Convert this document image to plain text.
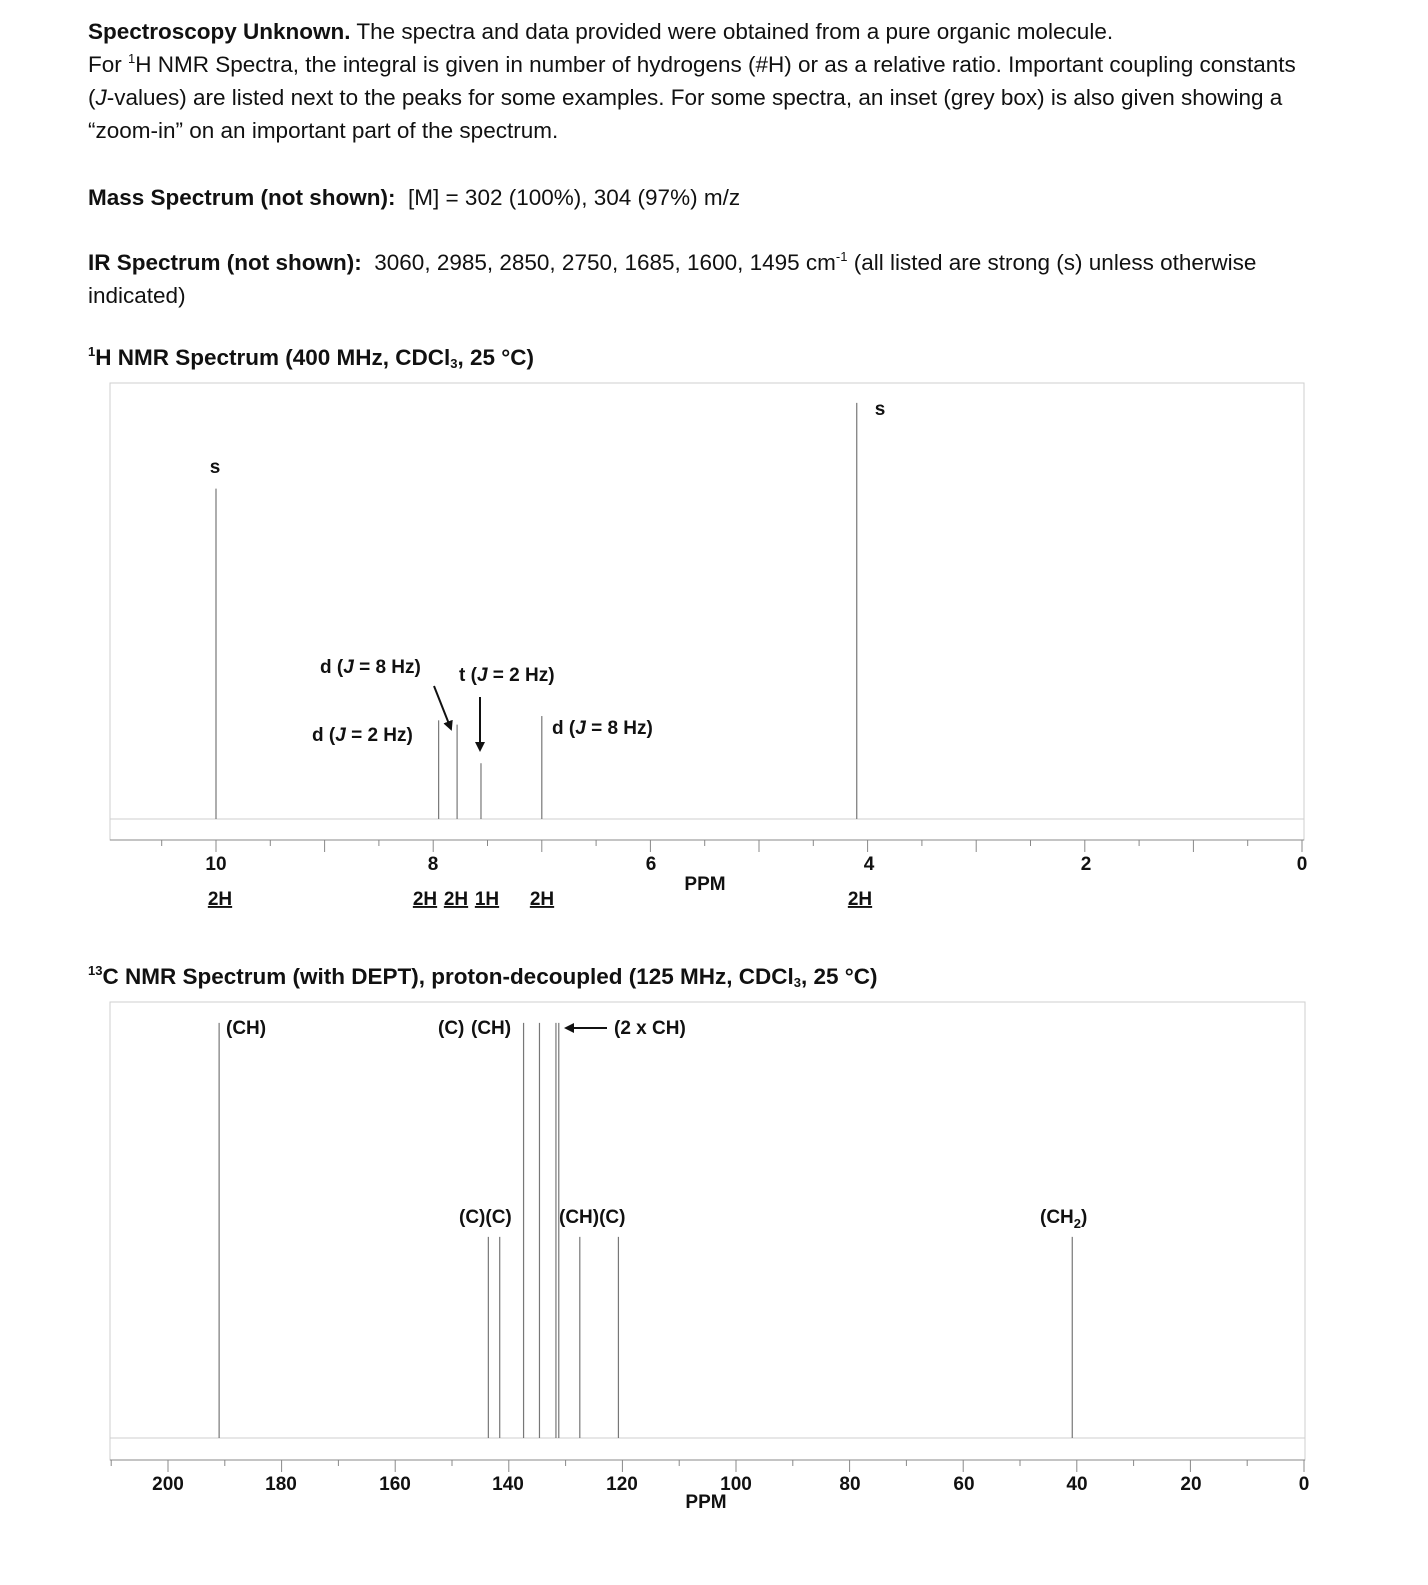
Spectroscopy Unknown. The spectra and data provided were obtained from a pure organic molecule.
For $^1$H NMR Spectra, the integral is given in number of hydrogens (#H) or as a relative ratio. Important coupling constants
(J-values) are listed next to the peaks for some examples. For some spectra, an inset (grey box) is also given showing a
“zoom-in” on an important part of the spectrum.
Mass Spectrum (not shown): [M] = 302 (100%), 304 (97%) m/z
IR Spectrum (not shown): 3060, 2985, 2850, 2750, 1685, 1600, 1495 $cm^{-1}$ (all listed are strong (s) unless otherwise
indicated)
$^1$H NMR Spectrum (400 MHz, CDCl$_3$, 25 °C)
$^{13}$C NMR Spectrum (with DEPT), proton-decoupled (125 MHz, CDCl$_3$, 25 °C)
10	8	6	4	2	0
PPM
2H	2H 2H 1H 2H	2H
s
s
d (J = 8 Hz)
d (J = 2 Hz)
t (J = 2 Hz)
d (J = 8 Hz)
200	180	160	140	120	100	80	60	40	20	0
PPM
(CH)	(C) (CH)	(2 x CH)
(C)(C) (CH)(C)	$(CH_2)$
